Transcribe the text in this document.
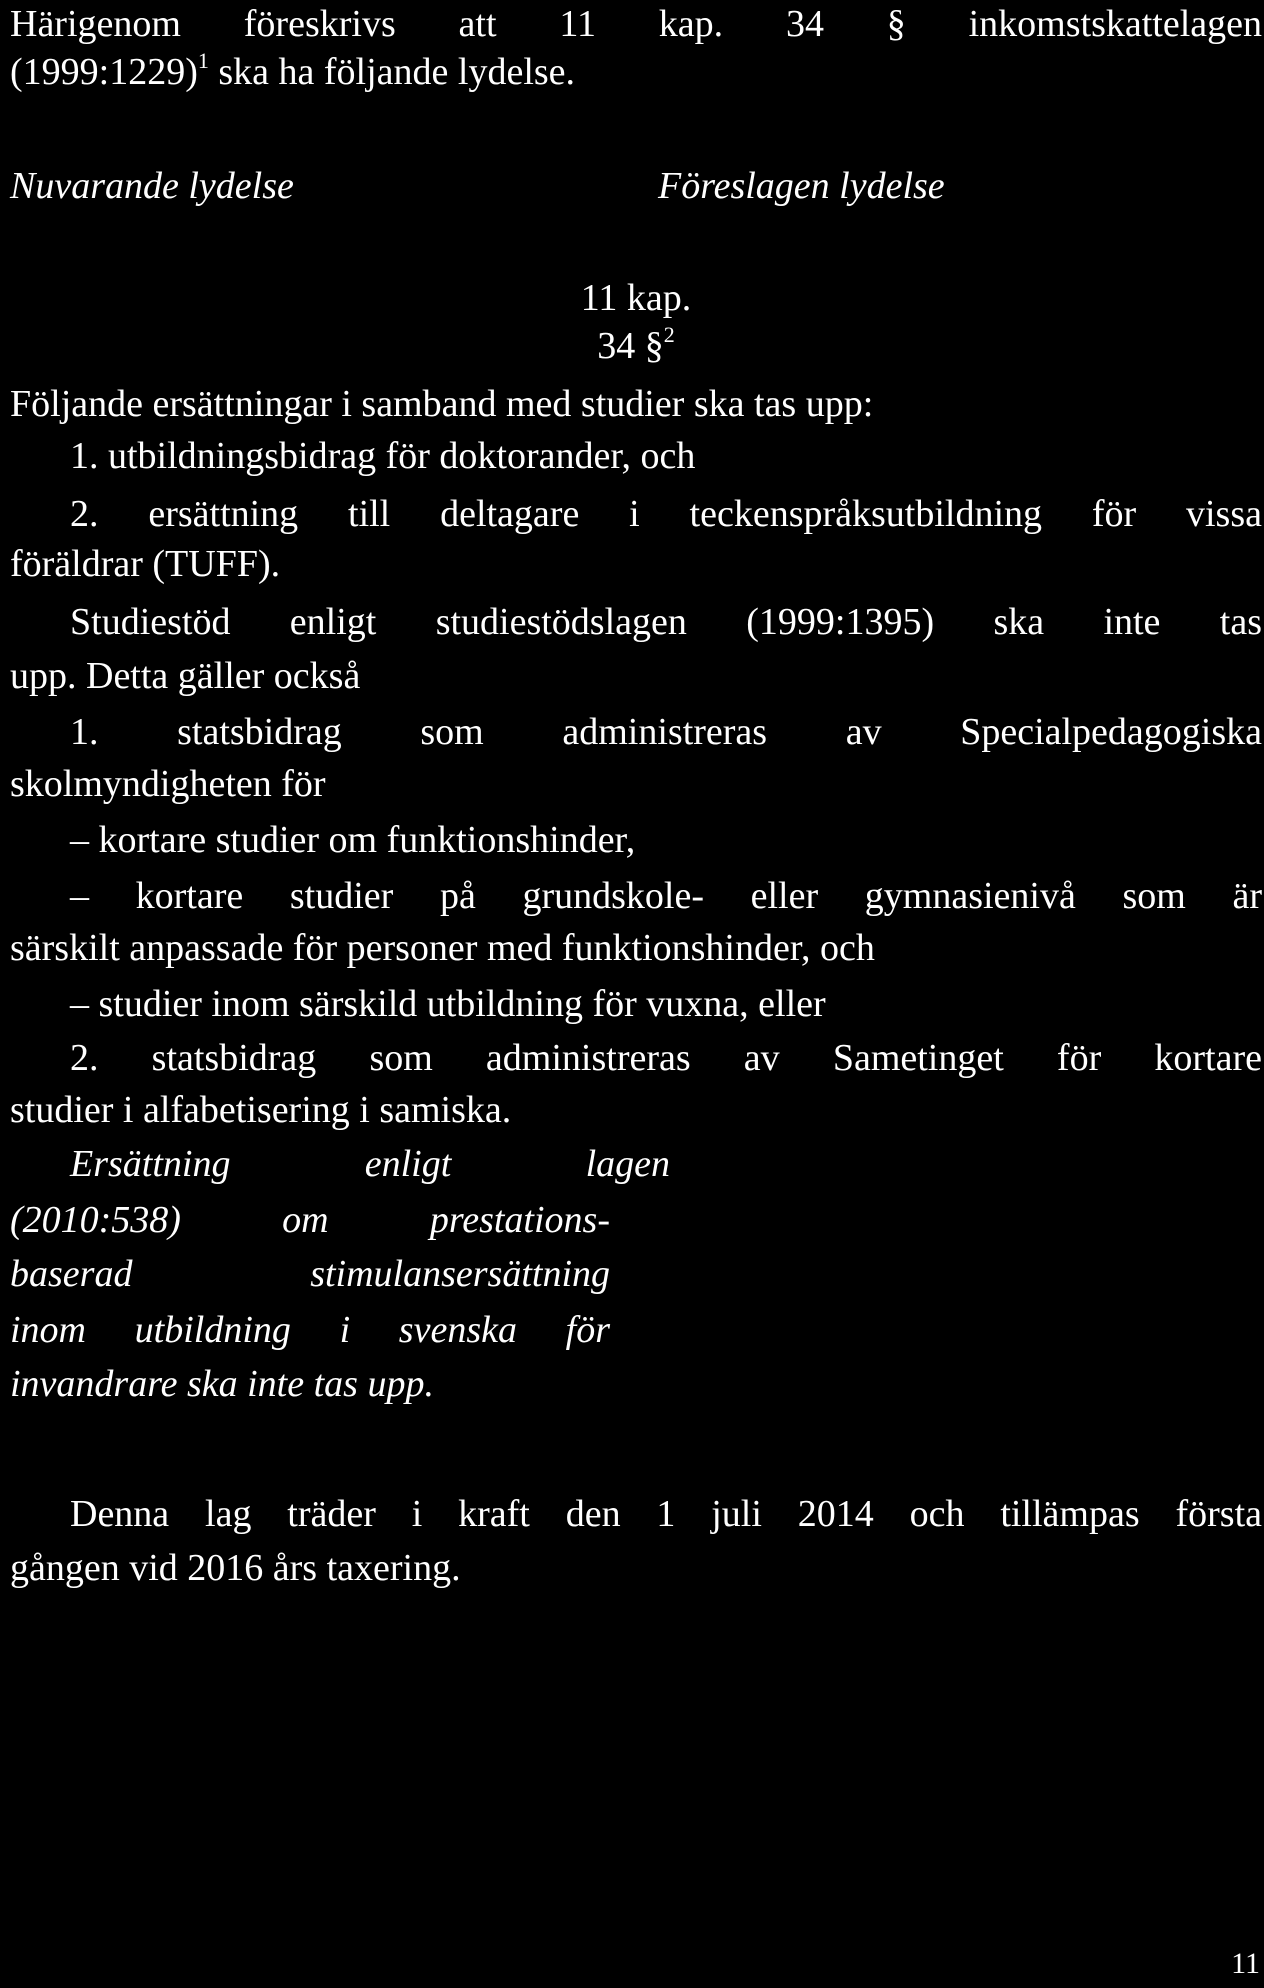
Härigenom föreskrivs att 11 kap. 34 § inkomstskattelagen
(1999:1229)$^1$ ska ha följande lydelse.
Nuvarande lydelse	Föreslagen lydelse
11 kap.
34 §$^2$
Följande ersättningar i samband med studier ska tas upp:
1. utbildningsbidrag för doktorander, och
2. ersättning till deltagare i teckenspråksutbildning för vissa
föräldrar (TUFF).
Studiestöd enligt studiestödslagen (1999:1395) ska inte tas
upp. Detta gäller också
1. statsbidrag som administreras av Specialpedagogiska
skolmyndigheten för
– kortare studier om funktionshinder,
– kortare studier på grundskole- eller gymnasienivå som är
särskilt anpassade för personer med funktionshinder, och
– studier inom särskild utbildning för vuxna, eller
2. statsbidrag som administreras av Sametinget för kortare
studier i alfabetisering i samiska.
Ersättning enligt lagen
(2010:538) om prestations-
baserad stimulansersättning
inom utbildning i svenska för
invandrare ska inte tas upp.
Denna lag träder i kraft den 1 juli 2014 och tillämpas första
gången vid 2016 års taxering.
11
